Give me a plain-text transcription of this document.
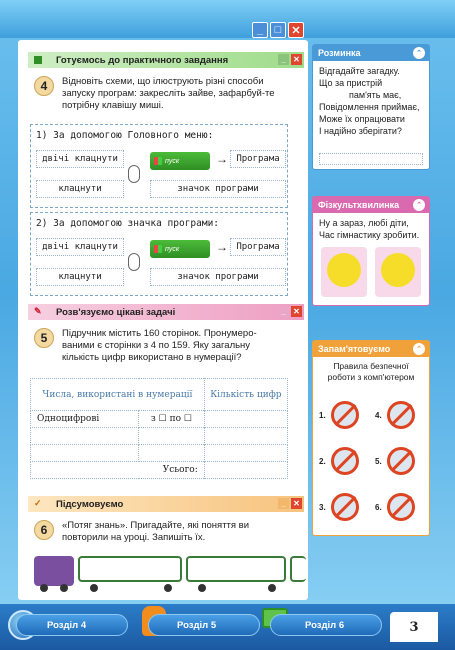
_	□ ✕
Готуємось до практичного завдання	_ ✕
4	Відновіть схеми, що ілюструють різні способи запуску програм: закресліть зайве, зафарбуй-те потрібну клавішу миші.
1) За допомогою Головного меню:
двічі клацнути	пуск	→ Програма
клацнути	значок програми
2) За допомогою значка програми:
двічі клацнути	пуск	→ Програма
клацнути	значок програми
✎ Розв'язуємо цікаві задачі	_ ✕
5	Підручник містить 160 сторінок. Пронумеро-ваними є сторінки з 4 по 159. Яку загальну кількість цифр використано в нумерації?
Числа, використані в нумерації		Кількість цифр
Одноцифрові	з ☐ по ☐	

Усього:		
✓ Підсумовуємо	_ ✕
6	«Потяг знань». Пригадайте, які поняття ви повторили на уроці. Запишіть їх.
Розминка	⌃
Відгадайте загадку.
Що за пристрій
пам'ять має,
Повідомлення приймає,
Може їх опрацювати
І надійно зберігати?
Фізкультхвилинка	⌃
Ну а зараз, любі діти,
Час гімнастику зробити.
Запам'ятовуємо	⌃
Правила безпечної роботи з комп'ютером
1.	4.
2.	5.
3.	6.
Розділ 4	Розділ 5	Розділ 6	3
